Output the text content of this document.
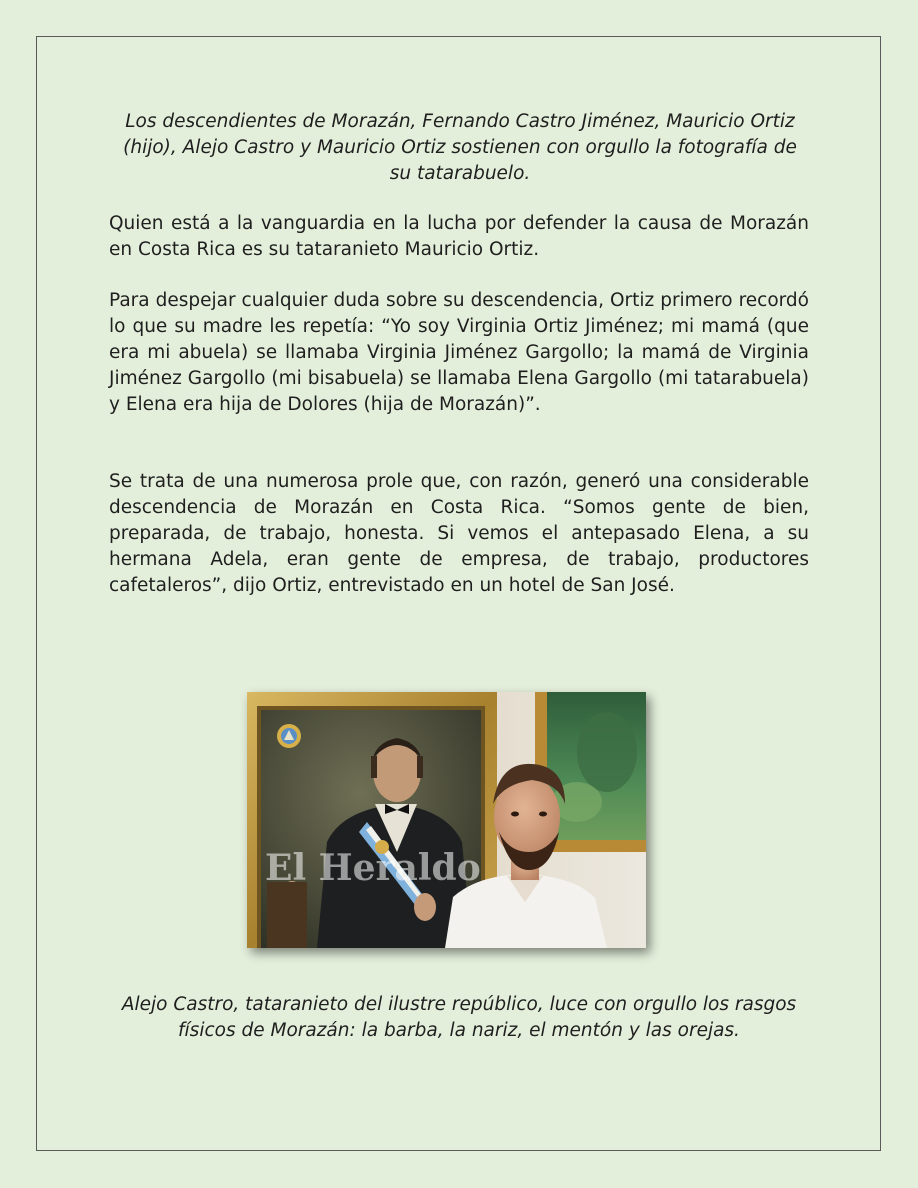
Los descendientes de Morazán, Fernando Castro Jiménez, Mauricio Ortiz (hijo), Alejo Castro y Mauricio Ortiz sostienen con orgullo la fotografía de su tatarabuelo.

Quien está a la vanguardia en la lucha por defender la causa de Morazán en Costa Rica es su tataranieto Mauricio Ortiz.

Para despejar cualquier duda sobre su descendencia, Ortiz primero recordó lo que su madre les repetía: “Yo soy Virginia Ortiz Jiménez; mi mamá (que era mi abuela) se llamaba Virginia Jiménez Gargollo; la mamá de Virginia Jiménez Gargollo (mi bisabuela) se llamaba Elena Gargollo (mi tatarabuela) y Elena era hija de Dolores (hija de Morazán)”.

Se trata de una numerosa prole que, con razón, generó una considerable descendencia de Morazán en Costa Rica. “Somos gente de bien, preparada, de trabajo, honesta. Si vemos el antepasado Elena, a su hermana Adela, eran gente de empresa, de trabajo, productores cafetaleros”, dijo Ortiz, entrevistado en un hotel de San José.

El Heraldo
Alejo Castro, tataranieto del ilustre repúblico, luce con orgullo los rasgos físicos de Morazán: la barba, la nariz, el mentón y las orejas.
